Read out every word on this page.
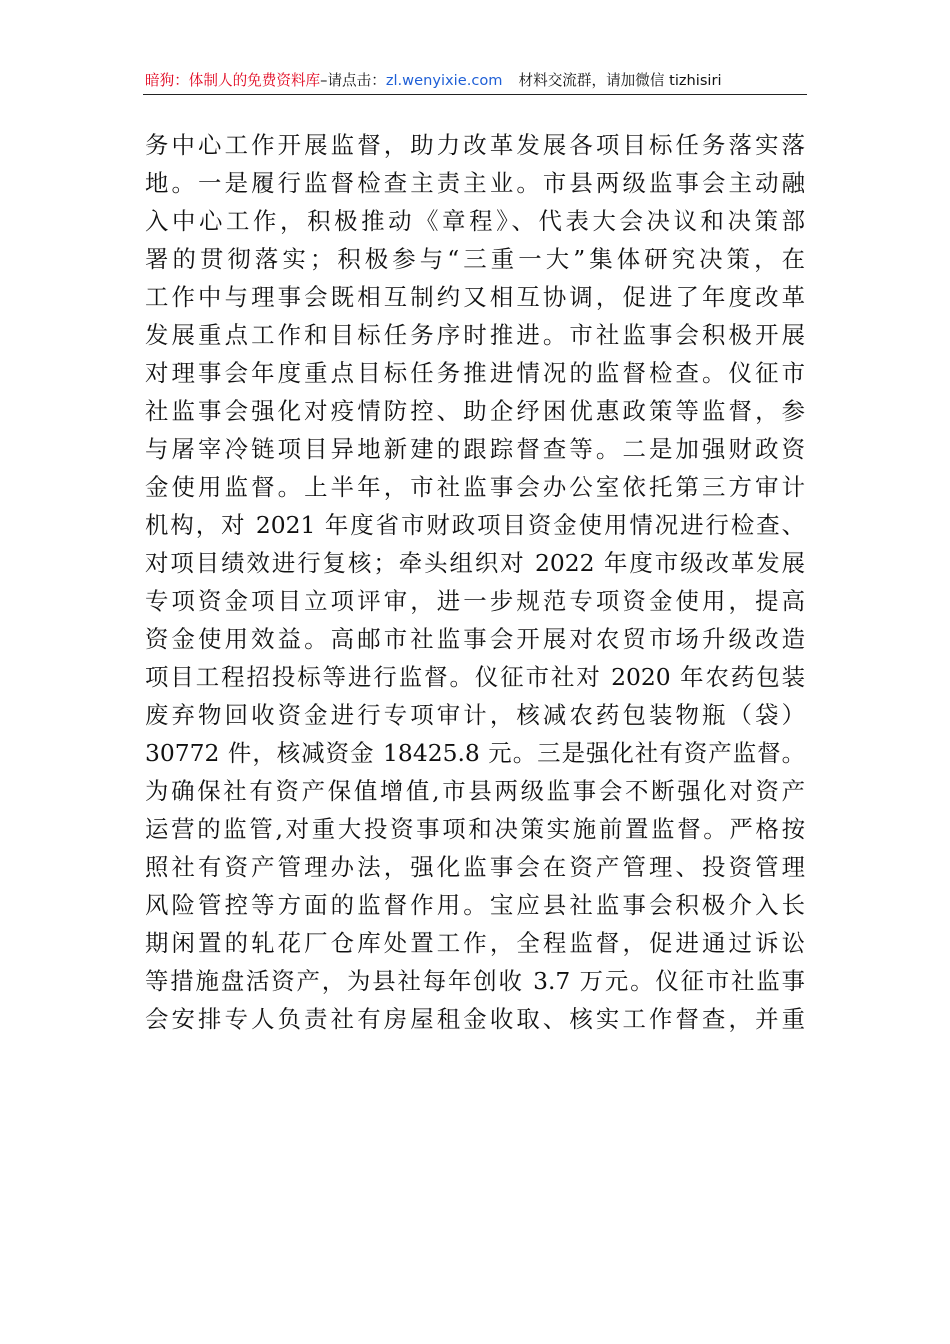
暗狗：体制人的免费资料库–请点击：zl.wenyixie.com 材料交流群，请加微信 tizhisiri
务中心工作开展监督，助力改革发展各项目标任务落实落
地。一是履行监督检查主责主业。市县两级监事会主动融
入中心工作，积极推动《章程》、代表大会决议和决策部
署的贯彻落实；积极参与“三重一大”集体研究决策，在
工作中与理事会既相互制约又相互协调，促进了年度改革
发展重点工作和目标任务序时推进。市社监事会积极开展
对理事会年度重点目标任务推进情况的监督检查。仪征市
社监事会强化对疫情防控、助企纾困优惠政策等监督，参
与屠宰冷链项目异地新建的跟踪督查等。二是加强财政资
金使用监督。上半年，市社监事会办公室依托第三方审计
机构，对 2021 年度省市财政项目资金使用情况进行检查、
对项目绩效进行复核；牵头组织对 2022 年度市级改革发展
专项资金项目立项评审，进一步规范专项资金使用，提高
资金使用效益。高邮市社监事会开展对农贸市场升级改造
项目工程招投标等进行监督。仪征市社对 2020 年农药包装
废弃物回收资金进行专项审计，核减农药包装物瓶（袋）
30772 件，核减资金 18425.8 元。三是强化社有资产监督。
为确保社有资产保值增值,市县两级监事会不断强化对资产
运营的监管,对重大投资事项和决策实施前置监督。严格按
照社有资产管理办法，强化监事会在资产管理、投资管理
风险管控等方面的监督作用。宝应县社监事会积极介入长
期闲置的轧花厂仓库处置工作，全程监督，促进通过诉讼
等措施盘活资产，为县社每年创收 3.7 万元。仪征市社监事
会安排专人负责社有房屋租金收取、核实工作督查，并重
